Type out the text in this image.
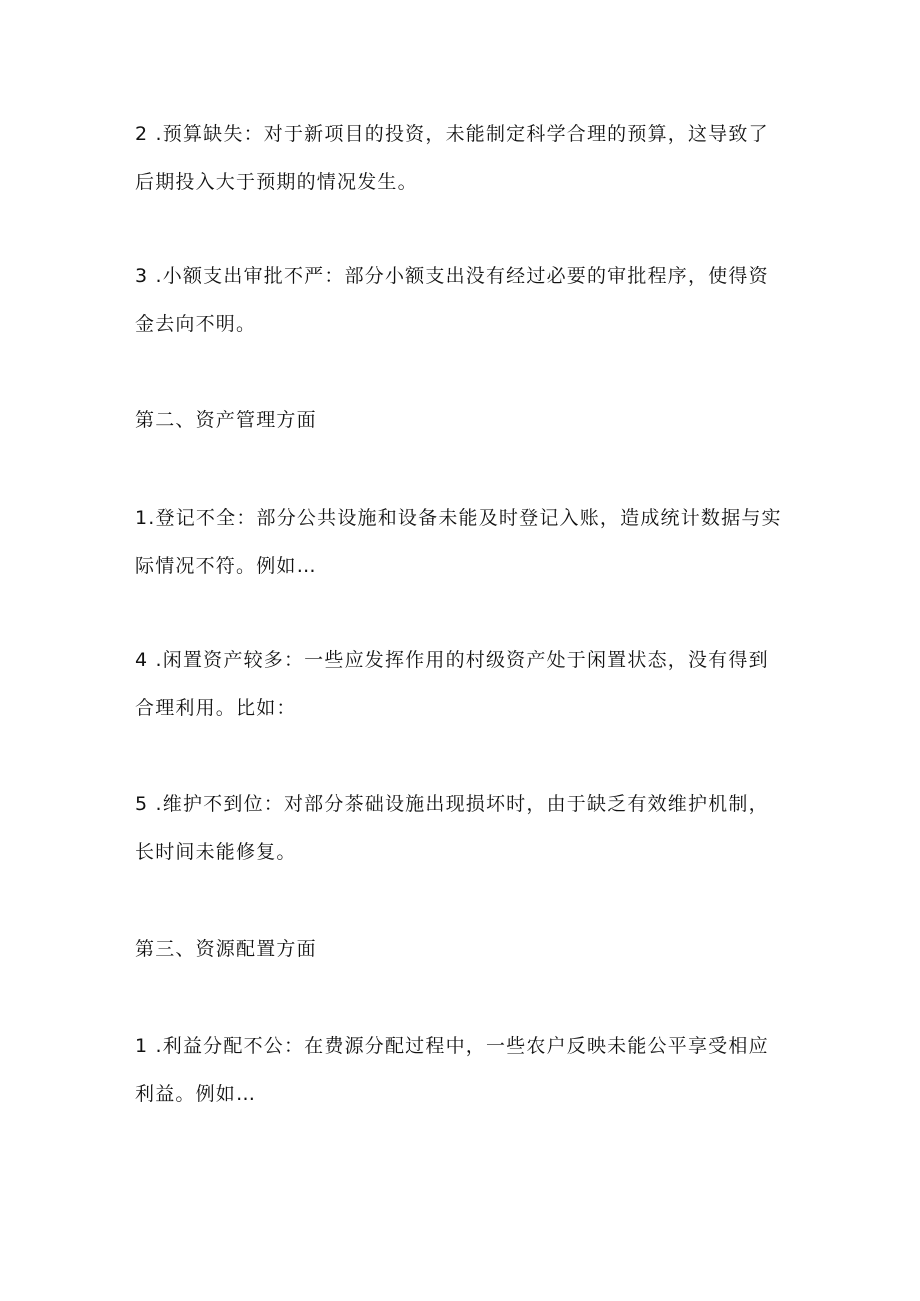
2 .预算缺失：对于新项目的投资，未能制定科学合理的预算，这导致了
后期投入大于预期的情况发生。

3 .小额支出审批不严：部分小额支出没有经过必要的审批程序，使得资
金去向不明。

第二、资产管理方面

1.登记不全：部分公共设施和设备未能及时登记入账，造成统计数据与实
际情况不符。例如…

4 .闲置资产较多：一些应发挥作用的村级资产处于闲置状态，没有得到
合理利用。比如：

5 .维护不到位：对部分茶础设施出现损坏时，由于缺乏有效维护机制，
长时间未能修复。

第三、资源配置方面

1 .利益分配不公：在费源分配过程中，一些农户反映未能公平享受相应
利益。例如…
